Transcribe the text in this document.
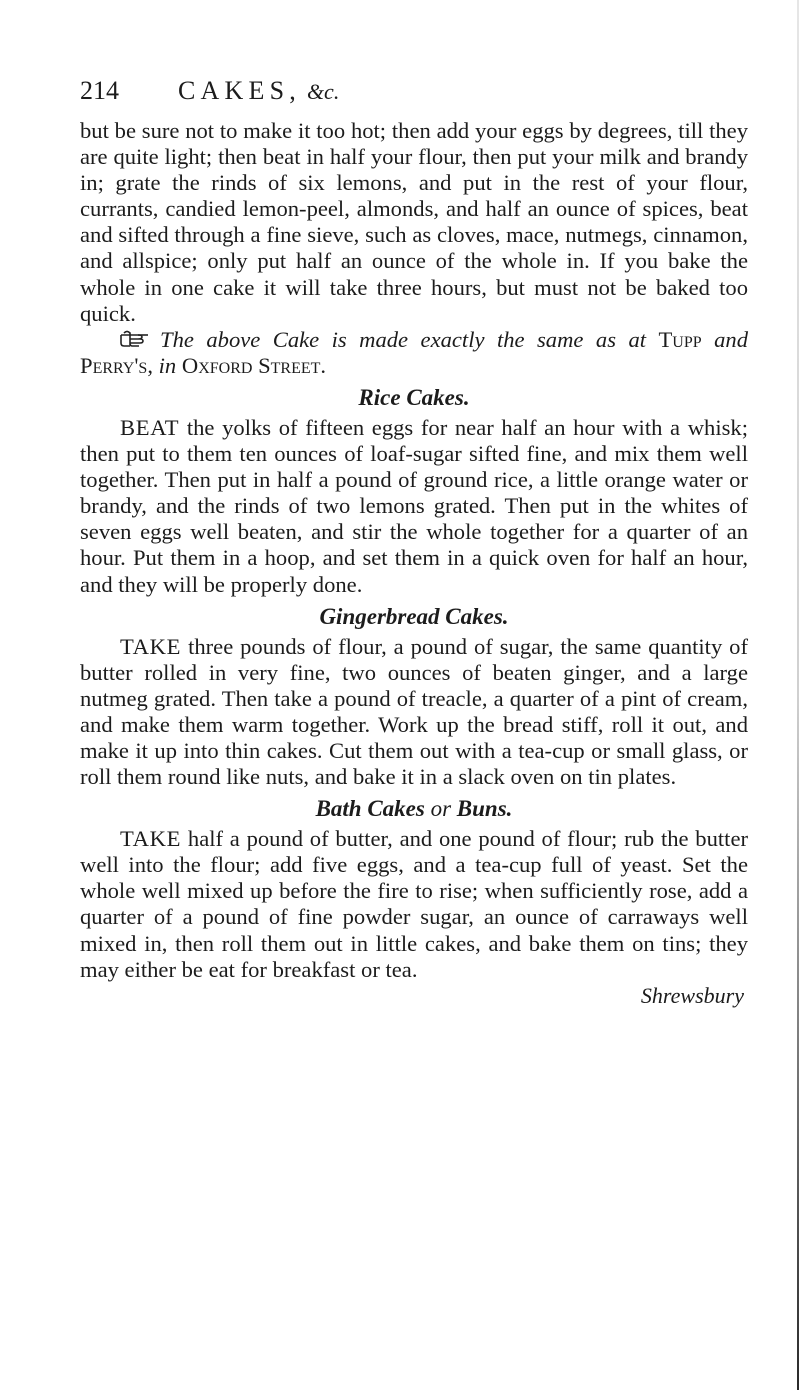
214 CAKES, &c.

but be sure not to make it too hot; then add your eggs by degrees, till they are quite light; then beat in half your flour, then put your milk and brandy in; grate the rinds of six lemons, and put in the rest of your flour, currants, candied lemon-peel, almonds, and half an ounce of spices, beat and sifted through a fine sieve, such as cloves, mace, nutmegs, cinnamon, and allspice; only put half an ounce of the whole in. If you bake the whole in one cake it will take three hours, but must not be baked too quick.

The above Cake is made exactly the same as at Tupp and Perry's, in Oxford Street.

Rice Cakes.

BEAT the yolks of fifteen eggs for near half an hour with a whisk; then put to them ten ounces of loaf-sugar sifted fine, and mix them well together. Then put in half a pound of ground rice, a little orange water or brandy, and the rinds of two lemons grated. Then put in the whites of seven eggs well beaten, and stir the whole together for a quarter of an hour. Put them in a hoop, and set them in a quick oven for half an hour, and they will be properly done.

Gingerbread Cakes.

TAKE three pounds of flour, a pound of sugar, the same quantity of butter rolled in very fine, two ounces of beaten ginger, and a large nutmeg grated. Then take a pound of treacle, a quarter of a pint of cream, and make them warm together. Work up the bread stiff, roll it out, and make it up into thin cakes. Cut them out with a tea-cup or small glass, or roll them round like nuts, and bake it in a slack oven on tin plates.

Bath Cakes or Buns.

TAKE half a pound of butter, and one pound of flour; rub the butter well into the flour; add five eggs, and a tea-cup full of yeast. Set the whole well mixed up before the fire to rise; when sufficiently rose, add a quarter of a pound of fine powder sugar, an ounce of carraways well mixed in, then roll them out in little cakes, and bake them on tins; they may either be eat for breakfast or tea.

Shrewsbury
